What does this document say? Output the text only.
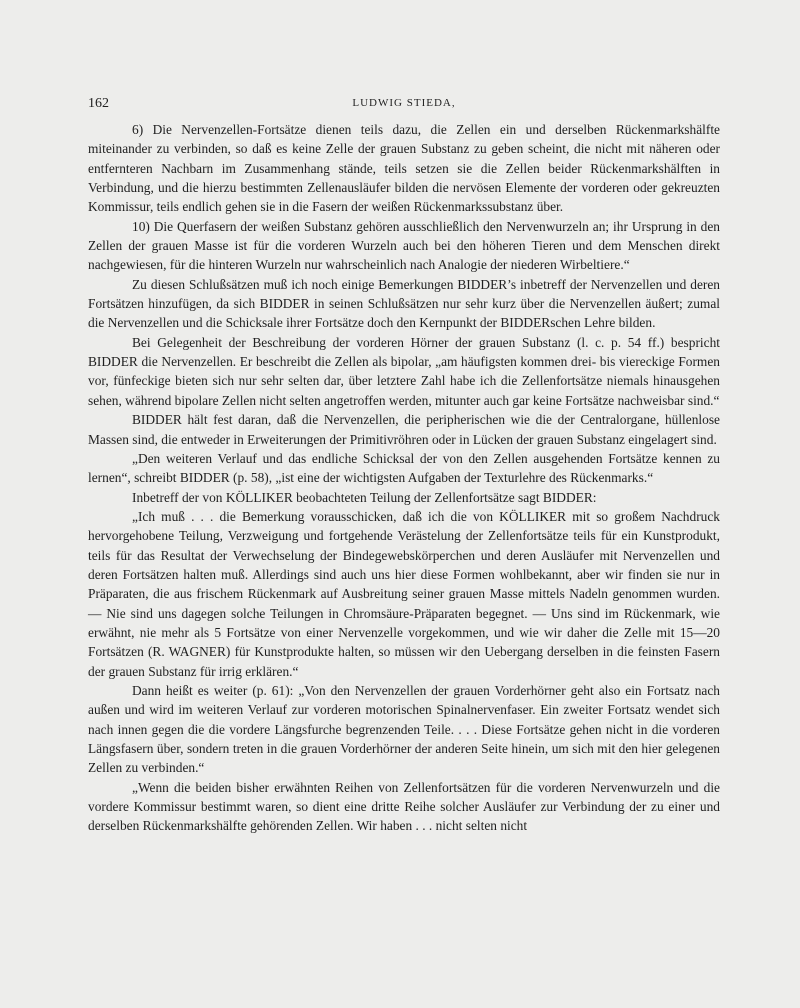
162	LUDWIG STIEDA,

6) Die Nervenzellen-Fortsätze dienen teils dazu, die Zellen ein und derselben Rückenmarkshälfte miteinander zu verbinden, so daß es keine Zelle der grauen Substanz zu geben scheint, die nicht mit näheren oder entfernteren Nachbarn im Zusammenhang stände, teils setzen sie die Zellen beider Rückenmarkshälften in Verbindung, und die hierzu bestimmten Zellenausläufer bilden die nervösen Elemente der vorderen oder gekreuzten Kommissur, teils endlich gehen sie in die Fasern der weißen Rückenmarkssubstanz über.

10) Die Querfasern der weißen Substanz gehören ausschließlich den Nervenwurzeln an; ihr Ursprung in den Zellen der grauen Masse ist für die vorderen Wurzeln auch bei den höheren Tieren und dem Menschen direkt nachgewiesen, für die hinteren Wurzeln nur wahrscheinlich nach Analogie der niederen Wirbeltiere.“

Zu diesen Schlußsätzen muß ich noch einige Bemerkungen BIDDER’s inbetreff der Nervenzellen und deren Fortsätzen hinzufügen, da sich BIDDER in seinen Schlußsätzen nur sehr kurz über die Nervenzellen äußert; zumal die Nervenzellen und die Schicksale ihrer Fortsätze doch den Kernpunkt der BIDDERschen Lehre bilden.

Bei Gelegenheit der Beschreibung der vorderen Hörner der grauen Substanz (l. c. p. 54 ff.) bespricht BIDDER die Nervenzellen. Er beschreibt die Zellen als bipolar, „am häufigsten kommen drei- bis viereckige Formen vor, fünfeckige bieten sich nur sehr selten dar, über letztere Zahl habe ich die Zellenfortsätze niemals hinausgehen sehen, während bipolare Zellen nicht selten angetroffen werden, mitunter auch gar keine Fortsätze nachweisbar sind.“

BIDDER hält fest daran, daß die Nervenzellen, die peripherischen wie die der Centralorgane, hüllenlose Massen sind, die entweder in Erweiterungen der Primitivröhren oder in Lücken der grauen Substanz eingelagert sind.

„Den weiteren Verlauf und das endliche Schicksal der von den Zellen ausgehenden Fortsätze kennen zu lernen“, schreibt BIDDER (p. 58), „ist eine der wichtigsten Aufgaben der Texturlehre des Rückenmarks.“

Inbetreff der von KÖLLIKER beobachteten Teilung der Zellenfortsätze sagt BIDDER:

„Ich muß . . . die Bemerkung vorausschicken, daß ich die von KÖLLIKER mit so großem Nachdruck hervorgehobene Teilung, Verzweigung und fortgehende Verästelung der Zellenfortsätze teils für ein Kunstprodukt, teils für das Resultat der Verwechselung der Bindegewebskörperchen und deren Ausläufer mit Nervenzellen und deren Fortsätzen halten muß. Allerdings sind auch uns hier diese Formen wohlbekannt, aber wir finden sie nur in Präparaten, die aus frischem Rückenmark auf Ausbreitung seiner grauen Masse mittels Nadeln genommen wurden. — Nie sind uns dagegen solche Teilungen in Chromsäure-Präparaten begegnet. — Uns sind im Rückenmark, wie erwähnt, nie mehr als 5 Fortsätze von einer Nervenzelle vorgekommen, und wie wir daher die Zelle mit 15—20 Fortsätzen (R. WAGNER) für Kunstprodukte halten, so müssen wir den Uebergang derselben in die feinsten Fasern der grauen Substanz für irrig erklären.“

Dann heißt es weiter (p. 61): „Von den Nervenzellen der grauen Vorderhörner geht also ein Fortsatz nach außen und wird im weiteren Verlauf zur vorderen motorischen Spinalnervenfaser. Ein zweiter Fortsatz wendet sich nach innen gegen die die vordere Längsfurche begrenzenden Teile. . . . Diese Fortsätze gehen nicht in die vorderen Längsfasern über, sondern treten in die grauen Vorderhörner der anderen Seite hinein, um sich mit den hier gelegenen Zellen zu verbinden.“

„Wenn die beiden bisher erwähnten Reihen von Zellenfortsätzen für die vorderen Nervenwurzeln und die vordere Kommissur bestimmt waren, so dient eine dritte Reihe solcher Ausläufer zur Verbindung der zu einer und derselben Rückenmarkshälfte gehörenden Zellen. Wir haben . . . nicht selten nicht
